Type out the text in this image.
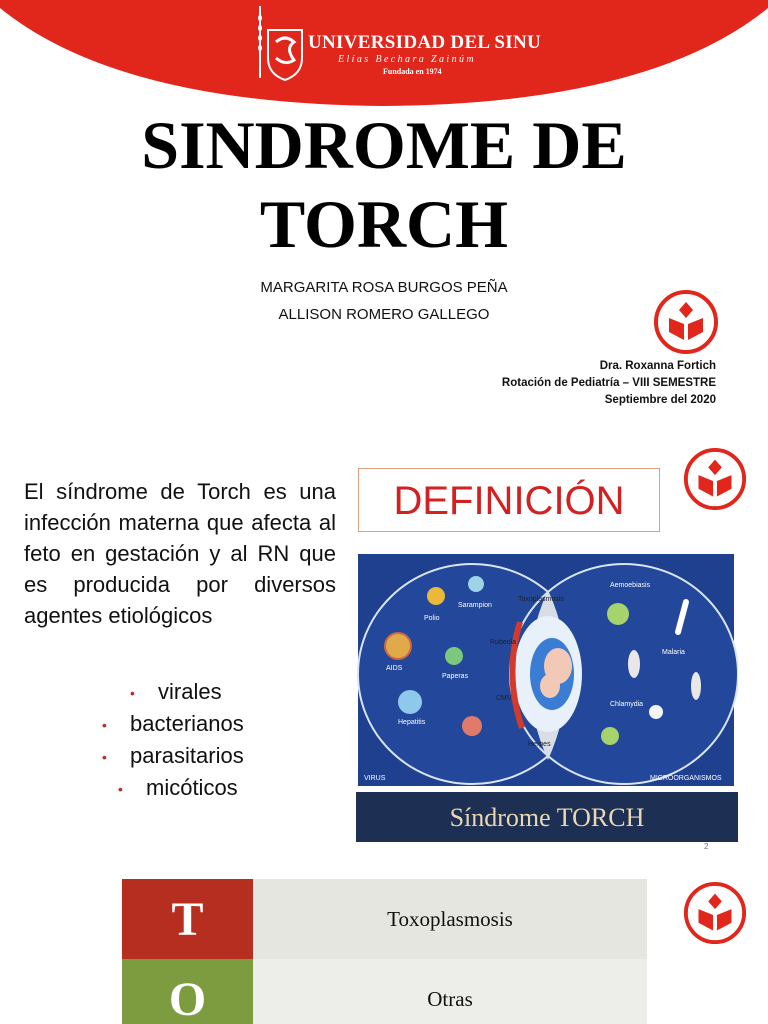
UNIVERSIDAD DEL SINU
Elías Bechara Zainúm
Fundada en 1974
SINDROME DE
TORCH
MARGARITA ROSA BURGOS PEÑA
ALLISON ROMERO GALLEGO
Dra. Roxanna Fortich
Rotación de Pediatría – VIII SEMESTRE
Septiembre del 2020
El síndrome de Torch es una infección materna que afecta al feto en gestación y al RN que es producida por diversos agentes etiológicos
• virales
• bacterianos
• parasitarios
• micóticos
DEFINICIÓN
Sarampion
Polio
AIDS
Paperas
Hepatitis
Aemoebiasis
Malaria
Chlamydia
Toxoplasmosis
Rubeola
CMV
Herpes
VIRUS	MICROORGANISMOS
Síndrome TORCH
2
T	Toxoplasmosis
O	Otras
